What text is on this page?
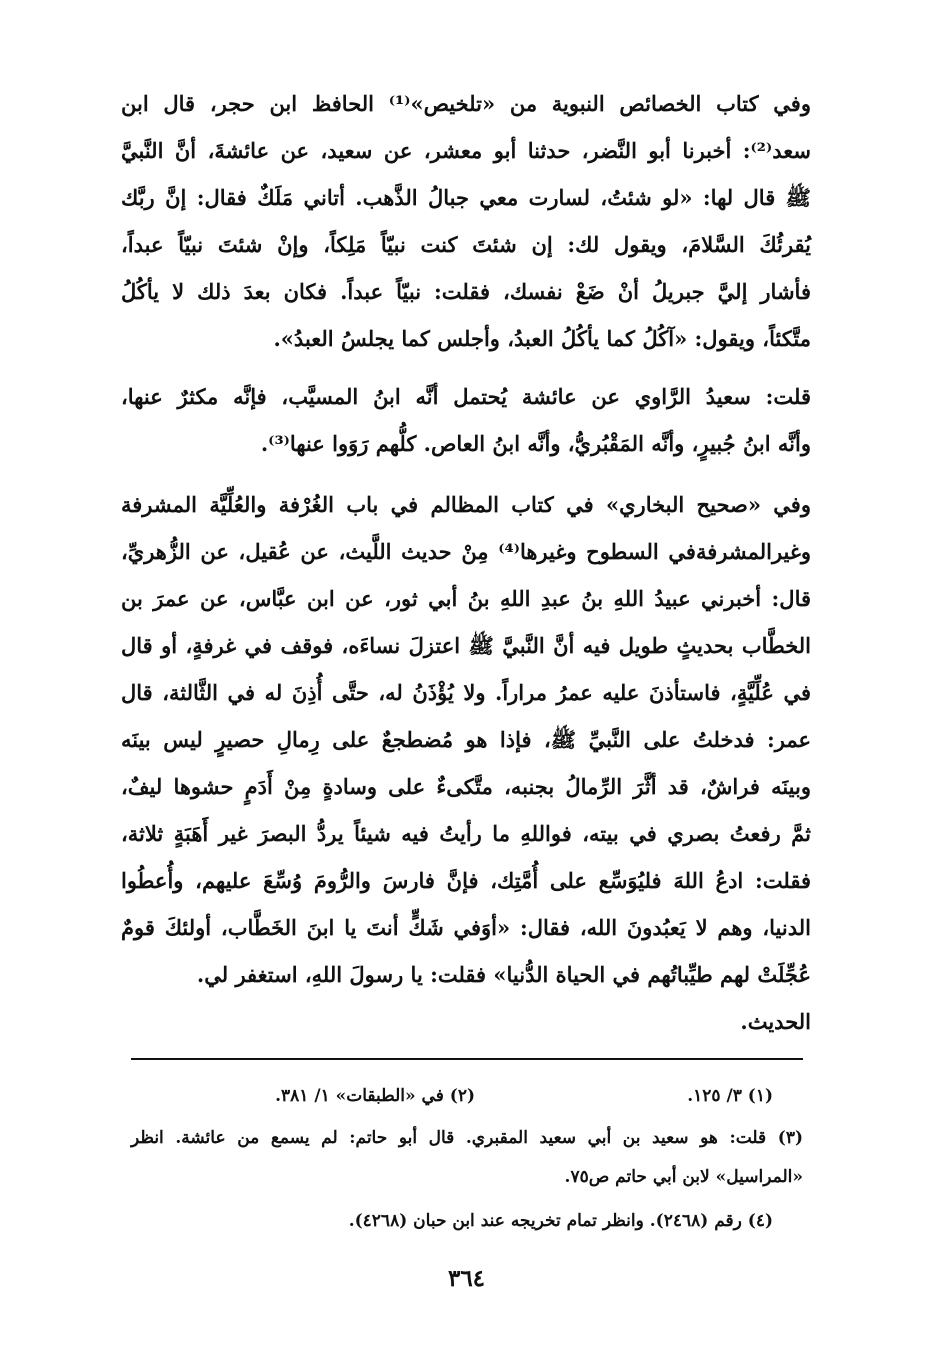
وفي كتاب الخصائص النبوية من «تلخيص»⁽¹⁾ الحافظ ابن حجر، قال ابن
سعد⁽²⁾: أخبرنا أبو النَّضر، حدثنا أبو معشر، عن سعيد، عن عائشةَ، أنَّ النَّبيَّ
ﷺ قال لها: «لو شئتُ، لسارت معي جبالُ الذَّهب. أتاني مَلَكٌ فقال: إنَّ ربَّك
يُقرئُكَ السَّلامَ، ويقول لك: إن شئتَ كنت نبيّاً مَلِكاً، وإنْ شئتَ نبيّاً عبداً،
فأشار إليَّ جبريلُ أنْ ضَعْ نفسك، فقلت: نبيّاً عبداً. فكان بعدَ ذلك لا يأكُلُ
متَّكئاً، ويقول: «آكُلُ كما يأكُلُ العبدُ، وأجلس كما يجلسُ العبدُ».
قلت: سعيدُ الرَّاوي عن عائشة يُحتمل أنَّه ابنُ المسيَّب، فإنَّه مكثرٌ عنها،
وأنَّه ابنُ جُبيرٍ، وأنَّه المَقْبُريُّ، وأنَّه ابنُ العاص. كلُّهم رَوَوا عنها⁽³⁾.
وفي «صحيح البخاري» في كتاب المظالم في باب الغُرْفة والعُلِّيَّة المشرفة
وغيرالمشرفةفي السطوح وغيرها⁽⁴⁾ مِنْ حديث اللَّيث، عن عُقيل، عن الزُّهريِّ،
قال: أخبرني عبيدُ اللهِ بنُ عبدِ اللهِ بنُ أبي ثور، عن ابن عبَّاس، عن عمرَ بن
الخطَّاب بحديثٍ طويل فيه أنَّ النَّبيَّ ﷺ اعتزلَ نساءَه، فوقف في غرفةٍ، أو قال
في عُلِّيَّةٍ، فاستأذنَ عليه عمرُ مراراً. ولا يُؤْذَنُ له، حتَّى أُذِنَ له في الثَّالثة، قال
عمر: فدخلتُ على النَّبيِّ ﷺ، فإذا هو مُضطجعٌ على رِمالِ حصيرٍ ليس بينَه
وبينَه فراشٌ، قد أثَّرَ الرِّمالُ بجنبه، متَّكىءٌ على وسادةٍ مِنْ أَدَمٍ حشوها ليفٌ،
ثمَّ رفعتُ بصري في بيته، فواللهِ ما رأيتُ فيه شيئاً يردُّ البصرَ غير أَهَبَةٍ ثلاثة،
فقلت: ادعُ اللهَ فليُوَسِّع على أُمَّتِك، فإنَّ فارسَ والرُّومَ وُسِّعَ عليهم، وأُعطُوا
الدنيا، وهم لا يَعبُدونَ الله، فقال: «أوَفي شَكٍّ أنتَ يا ابنَ الخَطَّاب، أولئكَ قومٌ
عُجِّلَتْ لهم طيِّباتُهم في الحياة الدُّنيا» فقلت: يا رسولَ اللهِ، استغفر لي.
الحديث.
(١) ٣/ ١٢٥.
(٢) في «الطبقات» ١/ ٣٨١.
(٣) قلت: هو سعيد بن أبي سعيد المقبري. قال أبو حاتم: لم يسمع من عائشة. انظر
«المراسيل» لابن أبي حاتم ص٧٥.
(٤) رقم (٢٤٦٨). وانظر تمام تخريجه عند ابن حبان (٤٢٦٨).
٣٦٤
